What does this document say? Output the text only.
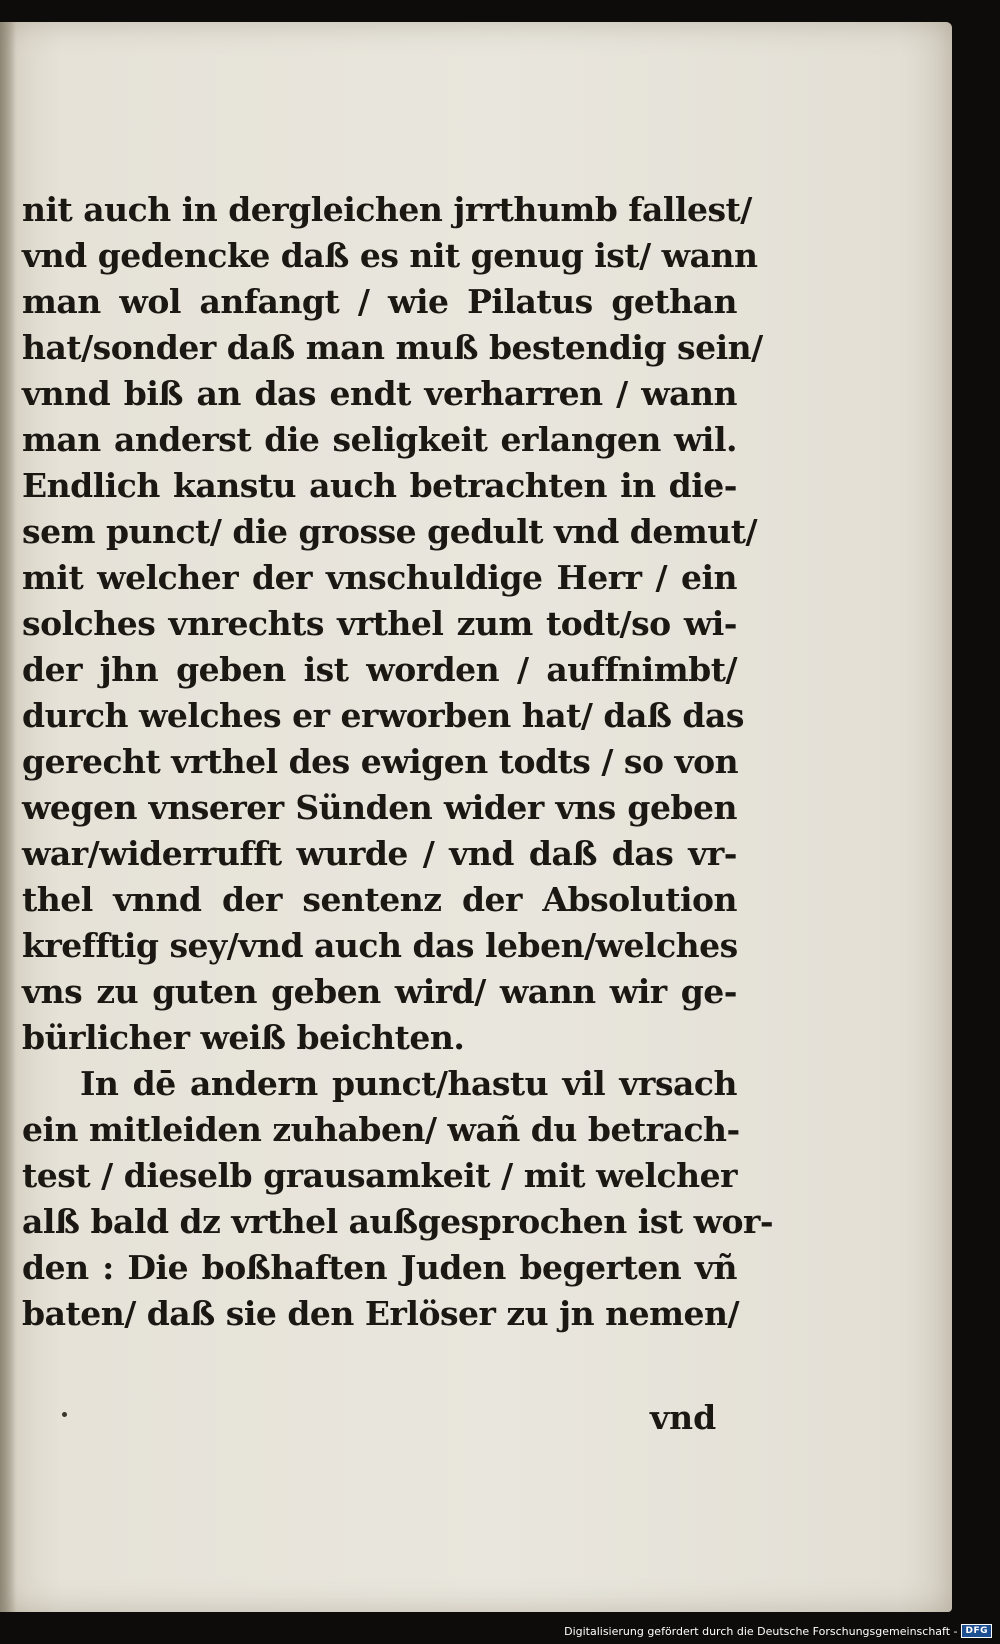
nit auch in dergleichen jrrthumb fallest/
vnd gedencke daß es nit genug ist/ wann
man wol anfangt / wie Pilatus gethan
hat/sonder daß man muß bestendig sein/
vnnd biß an das endt verharren / wann
man anderst die seligkeit erlangen wil.
Endlich kanstu auch betrachten in die-
sem punct/ die grosse gedult vnd demut/
mit welcher der vnschuldige Herr / ein
solches vnrechts vrthel zum todt/so wi-
der jhn geben ist worden / auffnimbt/
durch welches er erworben hat/ daß das
gerecht vrthel des ewigen todts / so von
wegen vnserer Sünden wider vns geben
war/widerrufft wurde / vnd daß das vr-
thel vnnd der sentenz der Absolution
krefftig sey/vnd auch das leben/welches
vns zu guten geben wird/ wann wir ge-
bürlicher weiß beichten.
In dē andern punct/hastu vil vrsach
ein mitleiden zuhaben/ wañ du betrach-
test / dieselb grausamkeit / mit welcher
alß bald dz vrthel außgesprochen ist wor-
den : Die boßhaften Juden begerten vñ
baten/ daß sie den Erlöser zu jn nemen/
vnd
Digitalisierung gefördert durch die Deutsche Forschungsgemeinschaft - DFG
